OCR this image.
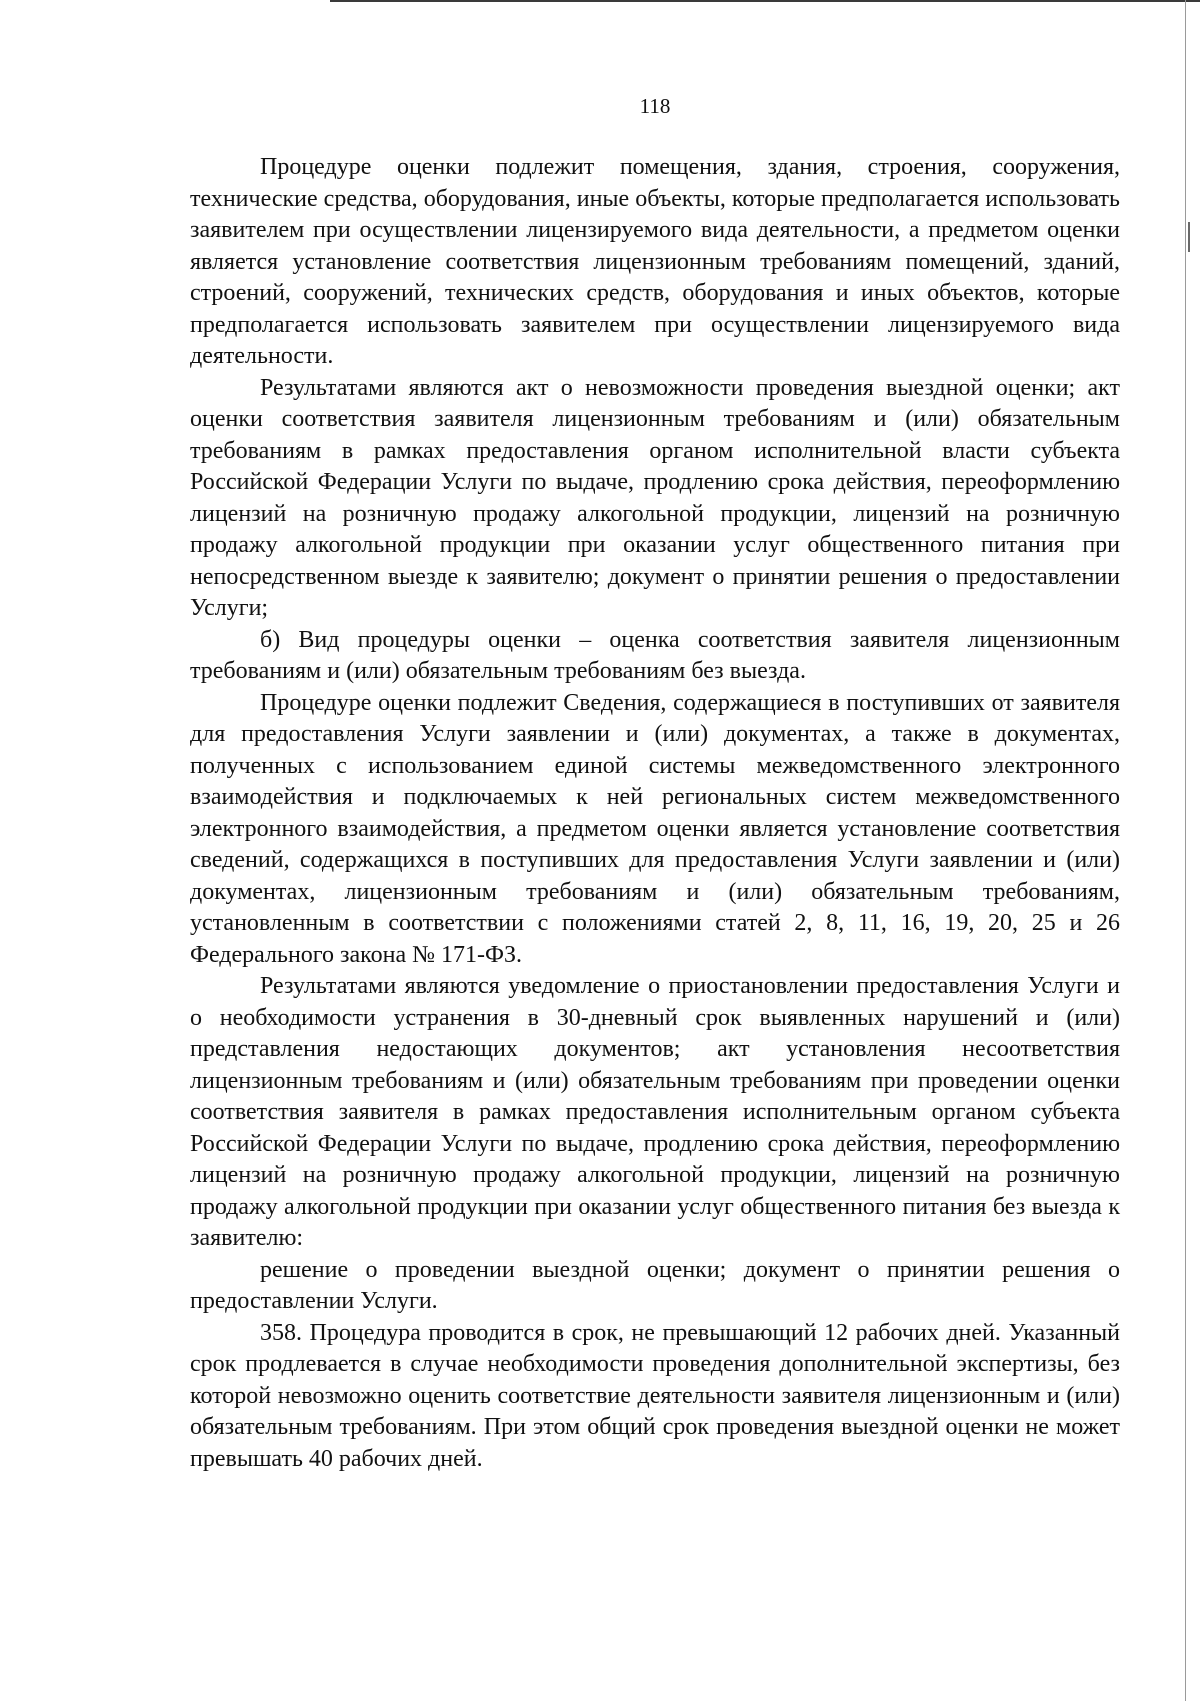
118

Процедуре оценки подлежит помещения, здания, строения, сооружения, технические средства, оборудования, иные объекты, которые предполагается использовать заявителем при осуществлении лицензируемого вида деятельности, а предметом оценки является установление соответствия лицензионным требованиям помещений, зданий, строений, сооружений, технических средств, оборудования и иных объектов, которые предполагается использовать заявителем при осуществлении лицензируемого вида деятельности.

Результатами являются акт о невозможности проведения выездной оценки; акт оценки соответствия заявителя лицензионным требованиям и (или) обязательным требованиям в рамках предоставления органом исполнительной власти субъекта Российской Федерации Услуги по выдаче, продлению срока действия, переоформлению лицензий на розничную продажу алкогольной продукции, лицензий на розничную продажу алкогольной продукции при оказании услуг общественного питания при непосредственном выезде к заявителю; документ о принятии решения о предоставлении Услуги;

б) Вид процедуры оценки – оценка соответствия заявителя лицензионным требованиям и (или) обязательным требованиям без выезда.

Процедуре оценки подлежит Сведения, содержащиеся в поступивших от заявителя для предоставления Услуги заявлении и (или) документах, а также в документах, полученных с использованием единой системы межведомственного электронного взаимодействия и подключаемых к ней региональных систем межведомственного электронного взаимодействия, а предметом оценки является установление соответствия сведений, содержащихся в поступивших для предоставления Услуги заявлении и (или) документах, лицензионным требованиям и (или) обязательным требованиям, установленным в соответствии с положениями статей 2, 8, 11, 16, 19, 20, 25 и 26 Федерального закона № 171-ФЗ.

Результатами являются уведомление о приостановлении предоставления Услуги и о необходимости устранения в 30-дневный срок выявленных нарушений и (или) представления недостающих документов; акт установления несоответствия лицензионным требованиям и (или) обязательным требованиям при проведении оценки соответствия заявителя в рамках предоставления исполнительным органом субъекта Российской Федерации Услуги по выдаче, продлению срока действия, переоформлению лицензий на розничную продажу алкогольной продукции, лицензий на розничную продажу алкогольной продукции при оказании услуг общественного питания без выезда к заявителю:

решение о проведении выездной оценки; документ о принятии решения о предоставлении Услуги.

358. Процедура проводится в срок, не превышающий 12 рабочих дней. Указанный срок продлевается в случае необходимости проведения дополнительной экспертизы, без которой невозможно оценить соответствие деятельности заявителя лицензионным и (или) обязательным требованиям. При этом общий срок проведения выездной оценки не может превышать 40 рабочих дней.
